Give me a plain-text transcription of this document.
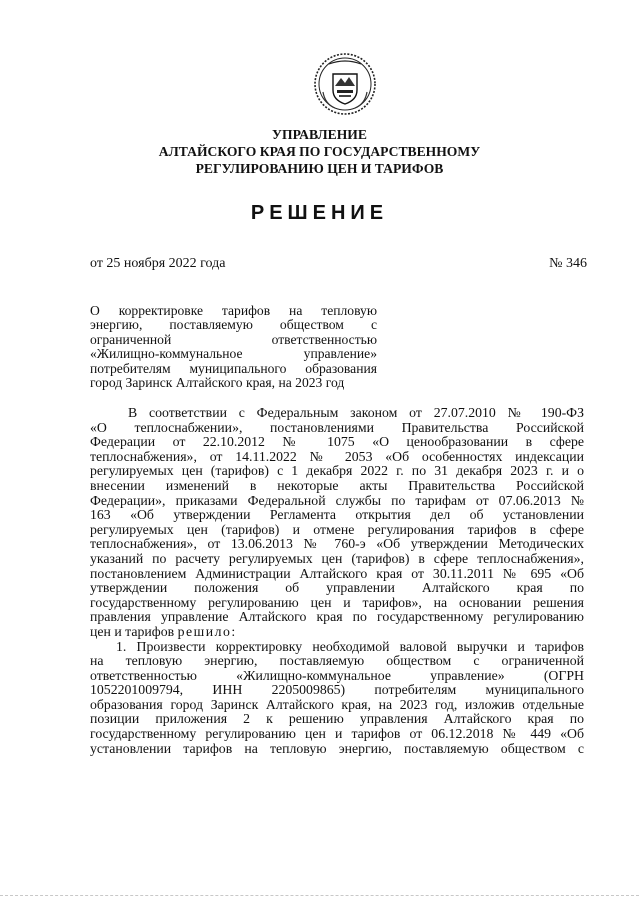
УПРАВЛЕНИЕ
АЛТАЙСКОГО КРАЯ ПО ГОСУДАРСТВЕННОМУ
РЕГУЛИРОВАНИЮ ЦЕН И ТАРИФОВ
РЕШЕНИЕ
от 25 ноября 2022 года	№ 346
О корректировке тарифов на тепловую
энергию, поставляемую обществом с
ограниченной ответственностью
«Жилищно-коммунальное управление»
потребителям муниципального образования
город Заринск Алтайского края, на 2023 год
В соответствии с Федеральным законом от 27.07.2010 № 190-ФЗ
«О теплоснабжении», постановлениями Правительства Российской
Федерации от 22.10.2012 № 1075 «О ценообразовании в сфере
теплоснабжения», от 14.11.2022 № 2053 «Об особенностях индексации
регулируемых цен (тарифов) с 1 декабря 2022 г. по 31 декабря 2023 г. и о
внесении изменений в некоторые акты Правительства Российской
Федерации», приказами Федеральной службы по тарифам от 07.06.2013 №
163 «Об утверждении Регламента открытия дел об установлении
регулируемых цен (тарифов) и отмене регулирования тарифов в сфере
теплоснабжения», от 13.06.2013 № 760-э «Об утверждении Методических
указаний по расчету регулируемых цен (тарифов) в сфере теплоснабжения»,
постановлением Администрации Алтайского края от 30.11.2011 № 695 «Об
утверждении положения об управлении Алтайского края по
государственному регулированию цен и тарифов», на основании решения
правления управление Алтайского края по государственному регулированию
цен и тарифов решило:
1. Произвести корректировку необходимой валовой выручки и тарифов
на тепловую энергию, поставляемую обществом с ограниченной
ответственностью «Жилищно-коммунальное управление» (ОГРН
1052201009794, ИНН 2205009865) потребителям муниципального
образования город Заринск Алтайского края, на 2023 год, изложив отдельные
позиции приложения 2 к решению управления Алтайского края по
государственному регулированию цен и тарифов от 06.12.2018 № 449 «Об
установлении тарифов на тепловую энергию, поставляемую обществом с
